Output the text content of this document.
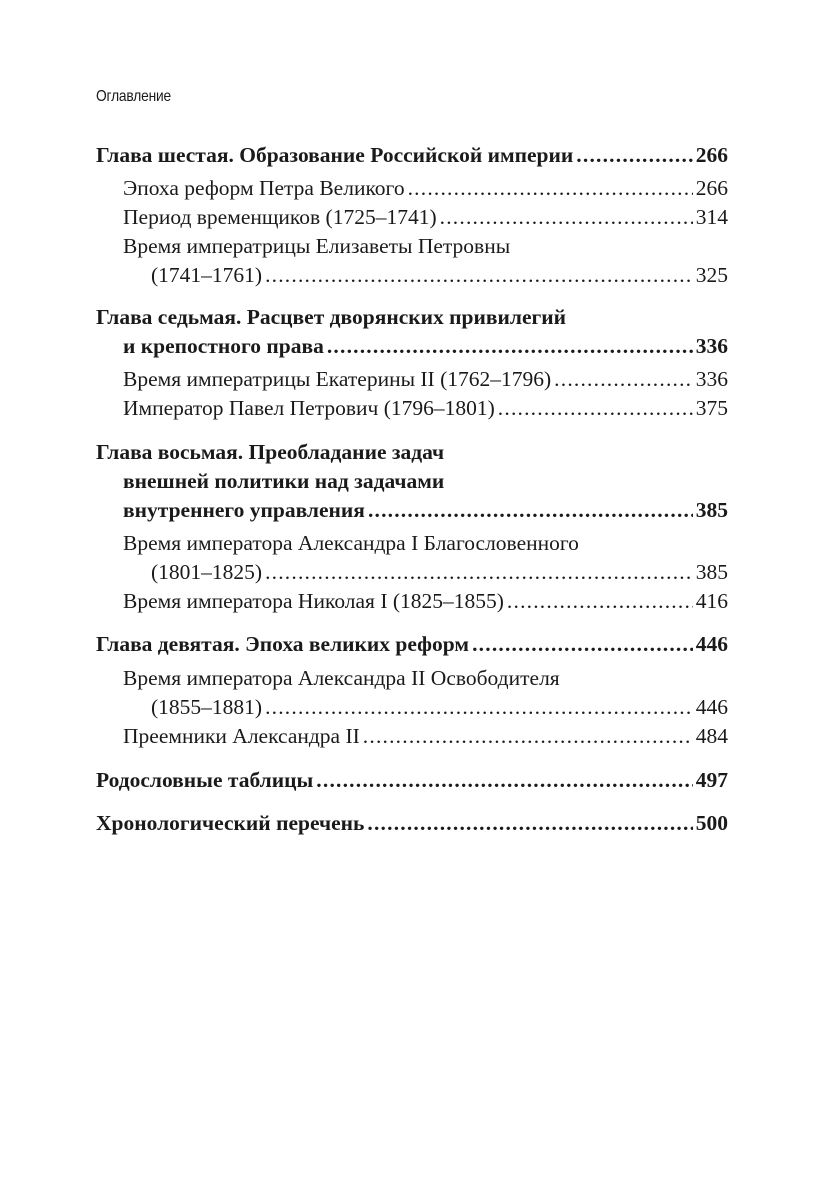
Оглавление
Глава шестая. Образование Российской империи .....	266
Эпоха реформ Петра Великого .....	266
Период временщиков (1725–1741) .....	314
Время императрицы Елизаветы Петровны
(1741–1761) .....	325
Глава седьмая. Расцвет дворянских привилегий
и крепостного права .....	336
Время императрицы Екатерины II (1762–1796) .....	336
Император Павел Петрович (1796–1801) .....	375
Глава восьмая. Преобладание задач
внешней политики над задачами
внутреннего управления .....	385
Время императора Александра I Благословенного
(1801–1825) .....	385
Время императора Николая I (1825–1855) .....	416
Глава девятая. Эпоха великих реформ .....	446
Время императора Александра II Освободителя
(1855–1881) .....	446
Преемники Александра II .....	484
Родословные таблицы .....	497
Хронологический перечень .....	500
